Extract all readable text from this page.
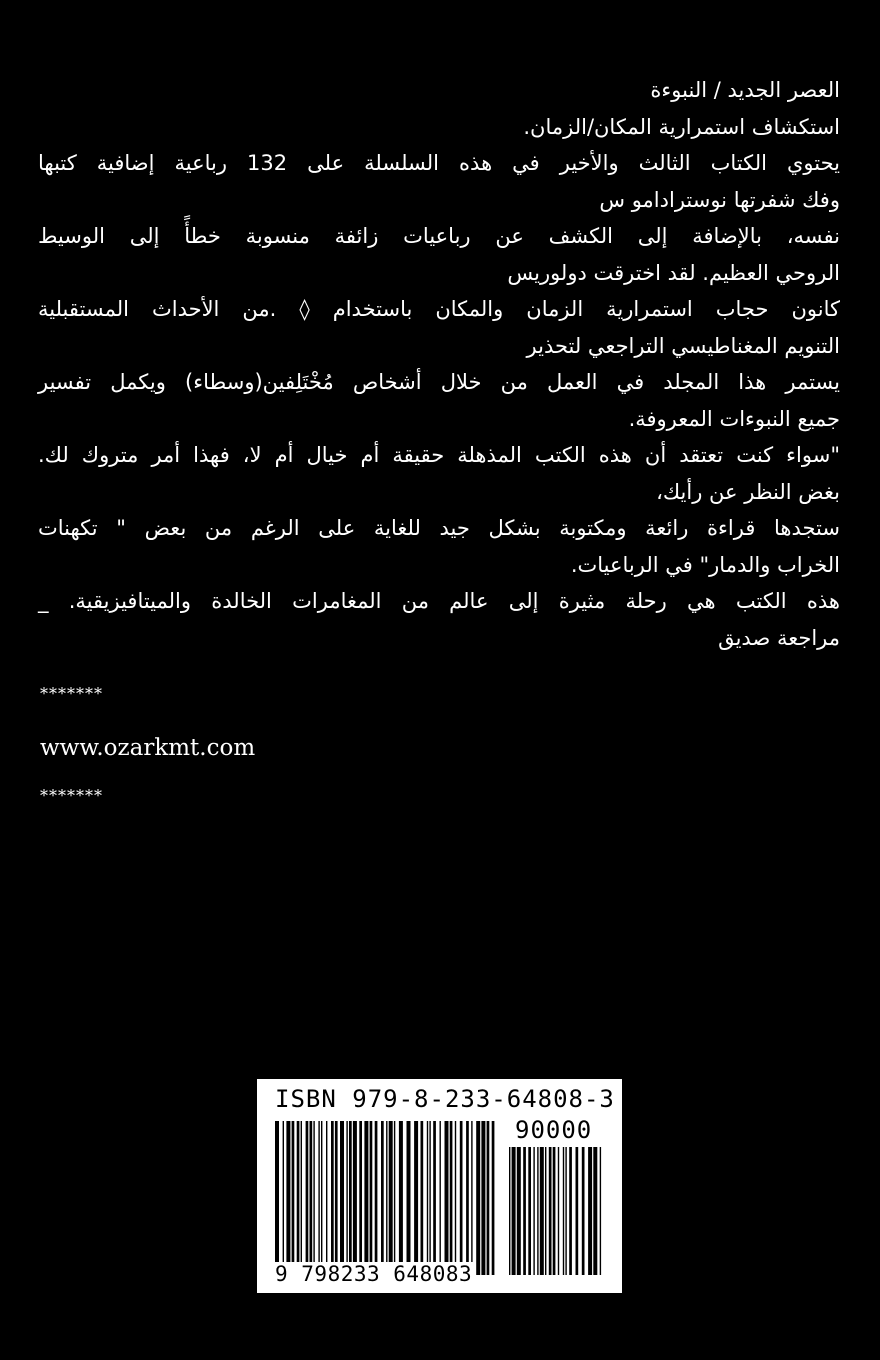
العصر الجديد / النبوءة
استكشاف استمرارية المكان/الزمان.
يحتوي الكتاب الثالث والأخير في هذه السلسلة على 132 رباعية إضافية كتبها
وفك شفرتها نوسترادامو س
نفسه، بالإضافة إلى الكشف عن رباعيات زائفة منسوبة خطأً إلى الوسيط
الروحي العظيم. لقد اخترقت دولوريس
كانون حجاب استمرارية الزمان والمكان باستخدام ◊ .من الأحداث المستقبلية
التنويم المغناطيسي التراجعي لتحذير
يستمر هذا المجلد في العمل من خلال أشخاص مُخْتَلِفين(وسطاء) ويكمل تفسير
جميع النبوءات المعروفة.
"سواء كنت تعتقد أن هذه الكتب المذهلة حقيقة أم خيال أم لا، فهذا أمر متروك لك.
بغض النظر عن رأيك،
ستجدها قراءة رائعة ومكتوبة بشكل جيد للغاية على الرغم من بعض " تكهنات
الخراب والدمار" في الرباعيات.
هذه الكتب هي رحلة مثيرة إلى عالم من المغامرات الخالدة والميتافيزيقية. _
مراجعة صديق
*******
www.ozarkmt.com
*******
ISBN 979-8-233-64808-3
90000
9 798233 648083
